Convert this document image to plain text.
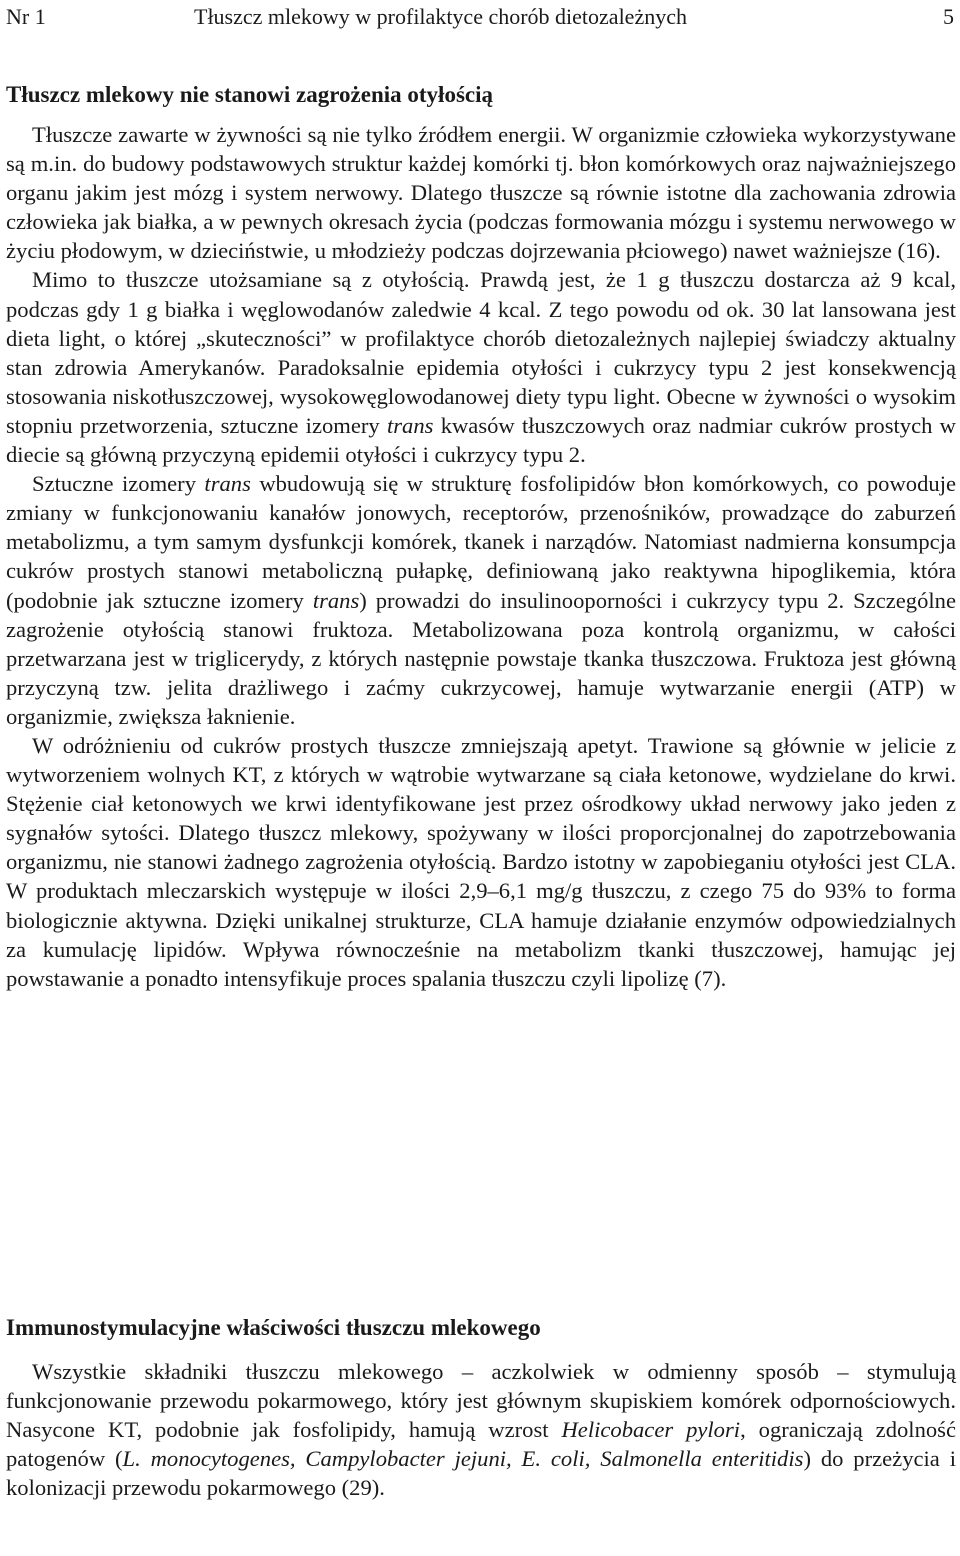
Nr 1	Tłuszcz mlekowy w profilaktyce chorób dietozależnych	5
Tłuszcz mlekowy nie stanowi zagrożenia otyłością

Tłuszcze zawarte w żywności są nie tylko źródłem energii. W organizmie człowieka wykorzystywane są m.in. do budowy podstawowych struktur każdej komórki tj. błon komórkowych oraz najważniejszego organu jakim jest mózg i system nerwowy. Dlatego tłuszcze są równie istotne dla zachowania zdrowia człowieka jak białka, a w pewnych okresach życia (podczas formowania mózgu i systemu nerwowego w życiu płodowym, w dzieciństwie, u młodzieży podczas dojrzewania płciowego) nawet ważniejsze (16).

Mimo to tłuszcze utożsamiane są z otyłością. Prawdą jest, że 1 g tłuszczu dostarcza aż 9 kcal, podczas gdy 1 g białka i węglowodanów zaledwie 4 kcal. Z tego powodu od ok. 30 lat lansowana jest dieta light, o której „skuteczności” w profilaktyce chorób dietozależnych najlepiej świadczy aktualny stan zdrowia Amerykanów. Paradoksalnie epidemia otyłości i cukrzycy typu 2 jest konsekwencją stosowania niskotłuszczowej, wysokowęglowodanowej diety typu light. Obecne w żywności o wysokim stopniu przetworzenia, sztuczne izomery trans kwasów tłuszczowych oraz nadmiar cukrów prostych w diecie są główną przyczyną epidemii otyłości i cukrzycy typu 2.

Sztuczne izomery trans wbudowują się w strukturę fosfolipidów błon komórkowych, co powoduje zmiany w funkcjonowaniu kanałów jonowych, receptorów, przenośników, prowadzące do zaburzeń metabolizmu, a tym samym dysfunkcji komórek, tkanek i narządów. Natomiast nadmierna konsumpcja cukrów prostych stanowi metaboliczną pułapkę, definiowaną jako reaktywna hipoglikemia, która (podobnie jak sztuczne izomery trans) prowadzi do insulinooporności i cukrzycy typu 2. Szczególne zagrożenie otyłością stanowi fruktoza. Metabolizowana poza kontrolą organizmu, w całości przetwarzana jest w triglicerydy, z których następnie powstaje tkanka tłuszczowa. Fruktoza jest główną przyczyną tzw. jelita drażliwego i zaćmy cukrzycowej, hamuje wytwarzanie energii (ATP) w organizmie, zwiększa łaknienie.

W odróżnieniu od cukrów prostych tłuszcze zmniejszają apetyt. Trawione są głównie w jelicie z wytworzeniem wolnych KT, z których w wątrobie wytwarzane są ciała ketonowe, wydzielane do krwi. Stężenie ciał ketonowych we krwi identyfikowane jest przez ośrodkowy układ nerwowy jako jeden z sygnałów sytości. Dlatego tłuszcz mlekowy, spożywany w ilości proporcjonalnej do zapotrzebowania organizmu, nie stanowi żadnego zagrożenia otyłością. Bardzo istotny w zapobieganiu otyłości jest CLA. W produktach mleczarskich występuje w ilości 2,9–6,1 mg/g tłuszczu, z czego 75 do 93% to forma biologicznie aktywna. Dzięki unikalnej strukturze, CLA hamuje działanie enzymów odpowiedzialnych za kumulację lipidów. Wpływa równocześnie na metabolizm tkanki tłuszczowej, hamując jej powstawanie a ponadto intensyfikuje proces spalania tłuszczu czyli lipolizę (7).

Immunostymulacyjne właściwości tłuszczu mlekowego

Wszystkie składniki tłuszczu mlekowego – aczkolwiek w odmienny sposób – stymulują funkcjonowanie przewodu pokarmowego, który jest głównym skupiskiem komórek odpornościowych. Nasycone KT, podobnie jak fosfolipidy, hamują wzrost Helicobacer pylori, ograniczają zdolność patogenów (L. monocytogenes, Campylobacter jejuni, E. coli, Salmonella enteritidis) do przeżycia i kolonizacji przewodu pokarmowego (29).
